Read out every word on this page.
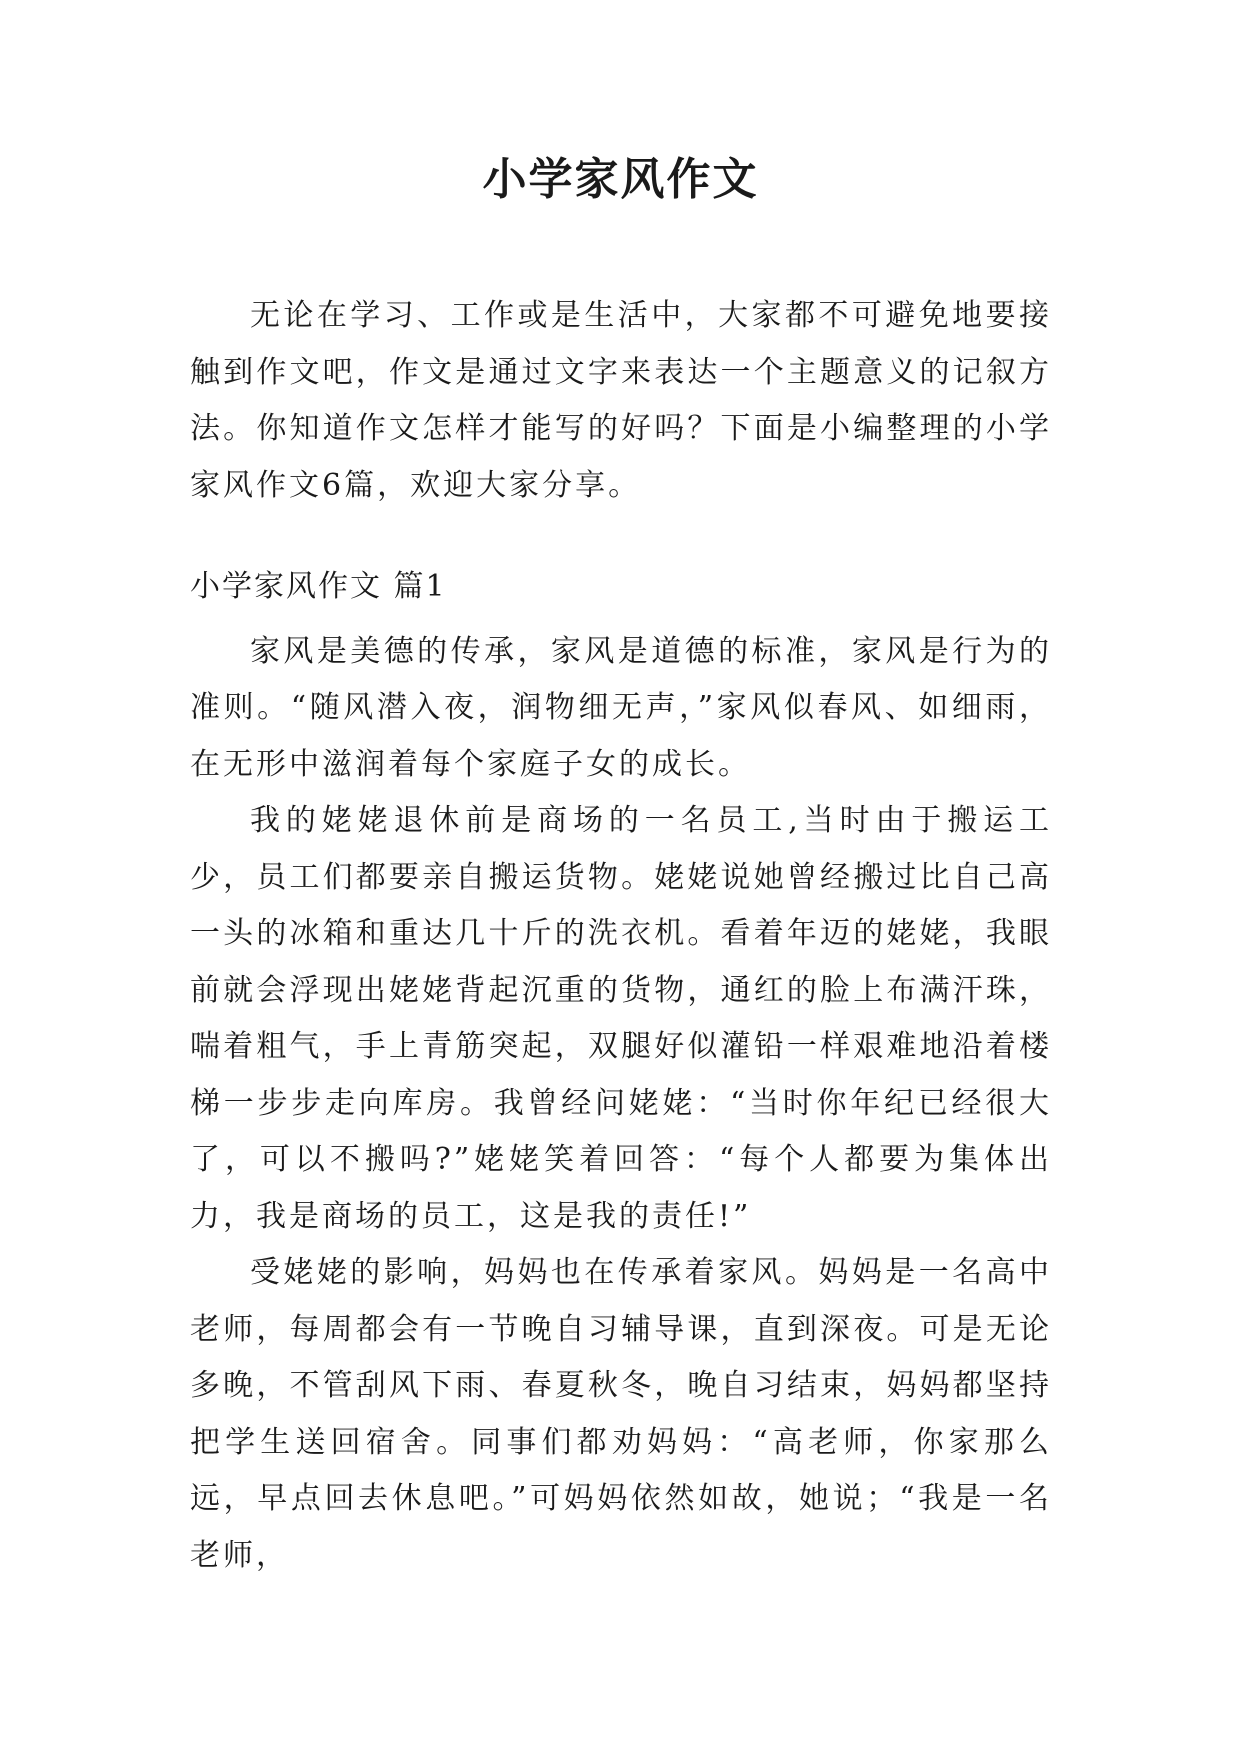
小学家风作文

无论在学习、工作或是生活中，大家都不可避免地要接触到作文吧，作文是通过文字来表达一个主题意义的记叙方法。你知道作文怎样才能写的好吗？下面是小编整理的小学家风作文6篇，欢迎大家分享。

小学家风作文 篇1

家风是美德的传承，家风是道德的标准，家风是行为的准则。“随风潜入夜，润物细无声，”家风似春风、如细雨，在无形中滋润着每个家庭子女的成长。

我的姥姥退休前是商场的一名员工,当时由于搬运工少，员工们都要亲自搬运货物。姥姥说她曾经搬过比自己高一头的冰箱和重达几十斤的洗衣机。看着年迈的姥姥，我眼前就会浮现出姥姥背起沉重的货物，通红的脸上布满汗珠，喘着粗气，手上青筋突起，双腿好似灌铅一样艰难地沿着楼梯一步步走向库房。我曾经问姥姥：“当时你年纪已经很大了，可以不搬吗?”姥姥笑着回答：“每个人都要为集体出力，我是商场的员工，这是我的责任!”

受姥姥的影响，妈妈也在传承着家风。妈妈是一名高中老师，每周都会有一节晚自习辅导课，直到深夜。可是无论多晚，不管刮风下雨、春夏秋冬，晚自习结束，妈妈都坚持把学生送回宿舍。同事们都劝妈妈：“高老师，你家那么远，早点回去休息吧。”可妈妈依然如故，她说；“我是一名老师，
